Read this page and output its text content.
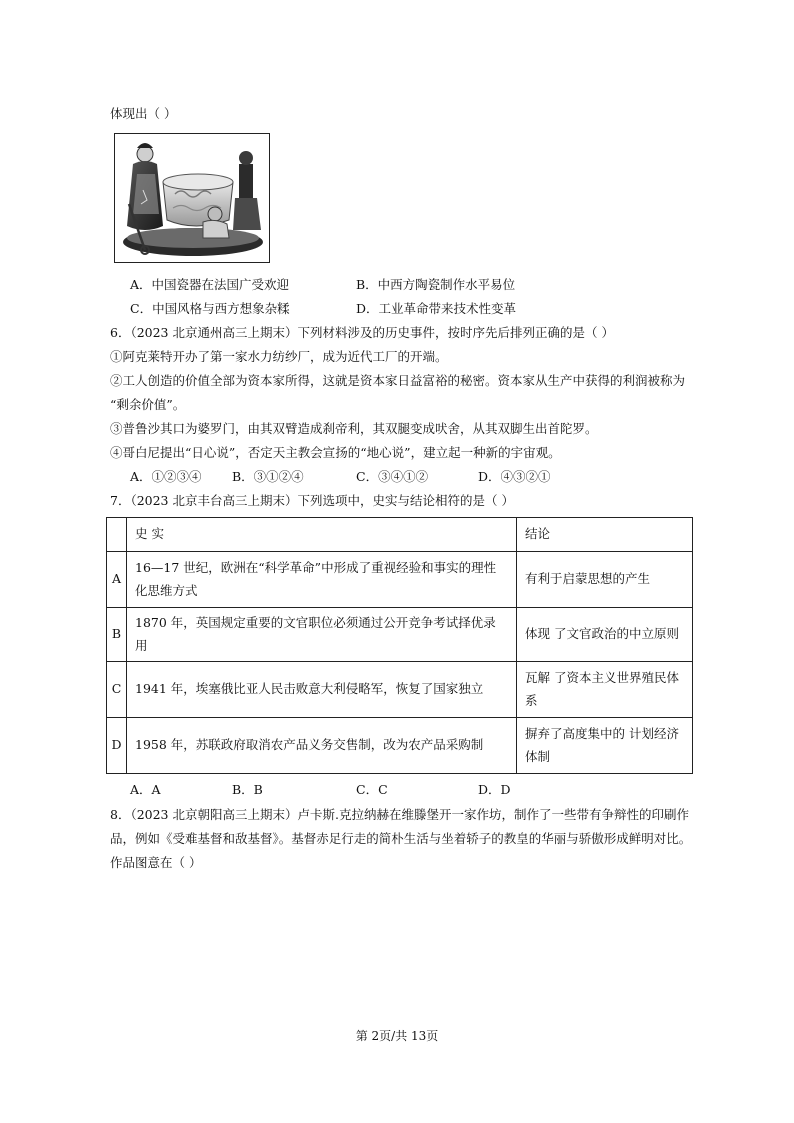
体现出（ ）
A．中国瓷器在法国广受欢迎	B．中西方陶瓷制作水平易位
C．中国风格与西方想象杂糅	D．工业革命带来技术性变革
6．（2023 北京通州高三上期末）下列材料涉及的历史事件，按时序先后排列正确的是（ ）
①阿克莱特开办了第一家水力纺纱厂，成为近代工厂的开端。
②工人创造的价值全部为资本家所得，这就是资本家日益富裕的秘密。资本家从生产中获得的利润被称为
“剩余价值”。
③普鲁沙其口为婆罗门，由其双臂造成刹帝利，其双腿变成吠舍，从其双脚生出首陀罗。
④哥白尼提出“日心说”，否定天主教会宣扬的“地心说”，建立起一种新的宇宙观。
A．①②③④ B．③①②④	C．③④①②	D．④③②①
7．（2023 北京丰台高三上期末）下列选项中，史实与结论相符的是（ ）
	史 实	结论
A	16—17 世纪，欧洲在“科学革命”中形成了重视经验和事实的理性化思维方式	有利于启蒙思想的产生
B	1870 年，英国规定重要的文官职位必须通过公开竞争考试择优录用	体现 了文官政治的中立原则
C	1941 年，埃塞俄比亚人民击败意大利侵略军，恢复了国家独立	瓦解 了资本主义世界殖民体系
D	1958 年，苏联政府取消农产品义务交售制，改为农产品采购制	摒弃了高度集中的 计划经济体制
A．A	B．B	C．C	D．D
8．（2023 北京朝阳高三上期末）卢卡斯.克拉纳赫在维滕堡开一家作坊，制作了一些带有争辩性的印刷作
品，例如《受难基督和敌基督》。基督赤足行走的简朴生活与坐着轿子的教皇的华丽与骄傲形成鲜明对比。
作品图意在（ ）
第 2页/共 13页
